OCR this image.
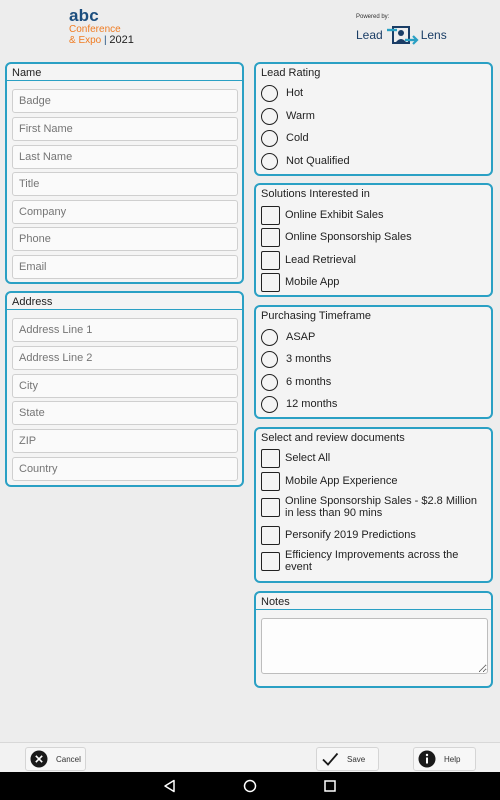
abc
Conference
& Expo | 2021
Powered by:
Lead	Lens
Name
Badge
First Name
Last Name
Title
Company
Phone
Email
Address
Address Line 1
Address Line 2
City
State
ZIP
Country
Lead Rating
Hot
Warm
Cold
Not Qualified
Solutions Interested in
Online Exhibit Sales
Online Sponsorship Sales
Lead Retrieval
Mobile App
Purchasing Timeframe
ASAP
3 months
6 months
12 months
Select and review documents
Select All
Mobile App Experience
Online Sponsorship Sales - $2.8 Million in less than 90 mins
Personify 2019 Predictions
Efficiency Improvements across the event
Notes
Cancel	Save	Help
